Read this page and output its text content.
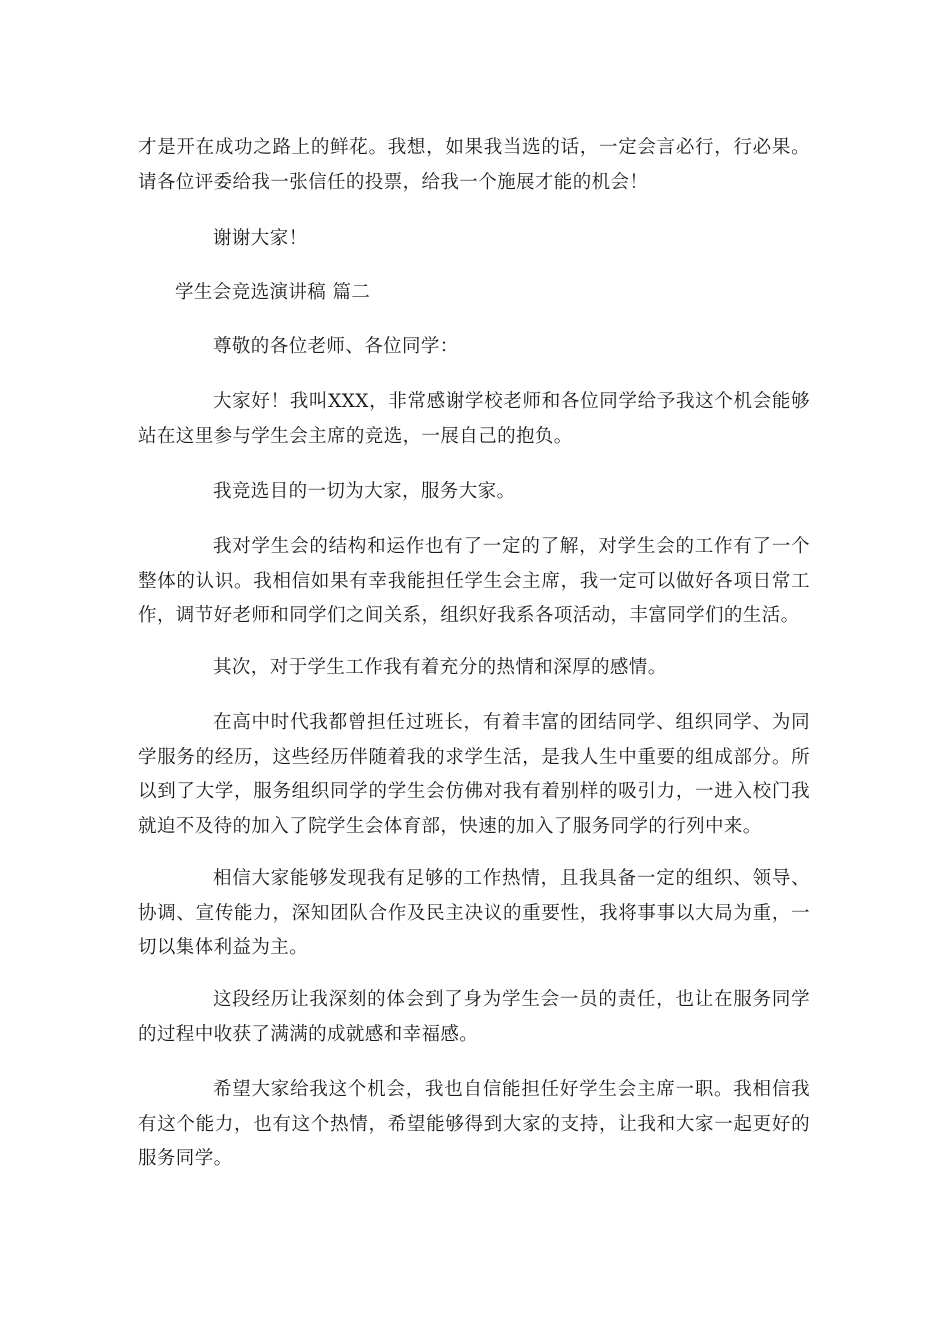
才是开在成功之路上的鲜花。我想，如果我当选的话，一定会言必行，行必果。请各位评委给我一张信任的投票，给我一个施展才能的机会！

谢谢大家！

学生会竞选演讲稿 篇二

尊敬的各位老师、各位同学：

大家好！我叫XXX，非常感谢学校老师和各位同学给予我这个机会能够站在这里参与学生会主席的竞选，一展自己的抱负。

我竞选目的一切为大家，服务大家。

我对学生会的结构和运作也有了一定的了解，对学生会的工作有了一个整体的认识。我相信如果有幸我能担任学生会主席，我一定可以做好各项日常工作，调节好老师和同学们之间关系，组织好我系各项活动，丰富同学们的生活。

其次，对于学生工作我有着充分的热情和深厚的感情。

在高中时代我都曾担任过班长，有着丰富的团结同学、组织同学、为同学服务的经历，这些经历伴随着我的求学生活，是我人生中重要的组成部分。所以到了大学，服务组织同学的学生会仿佛对我有着别样的吸引力，一进入校门我就迫不及待的加入了院学生会体育部，快速的加入了服务同学的行列中来。

相信大家能够发现我有足够的工作热情，且我具备一定的组织、领导、协调、宣传能力，深知团队合作及民主决议的重要性，我将事事以大局为重，一切以集体利益为主。

这段经历让我深刻的体会到了身为学生会一员的责任，也让在服务同学的过程中收获了满满的成就感和幸福感。

希望大家给我这个机会，我也自信能担任好学生会主席一职。我相信我有这个能力，也有这个热情，希望能够得到大家的支持，让我和大家一起更好的服务同学。
